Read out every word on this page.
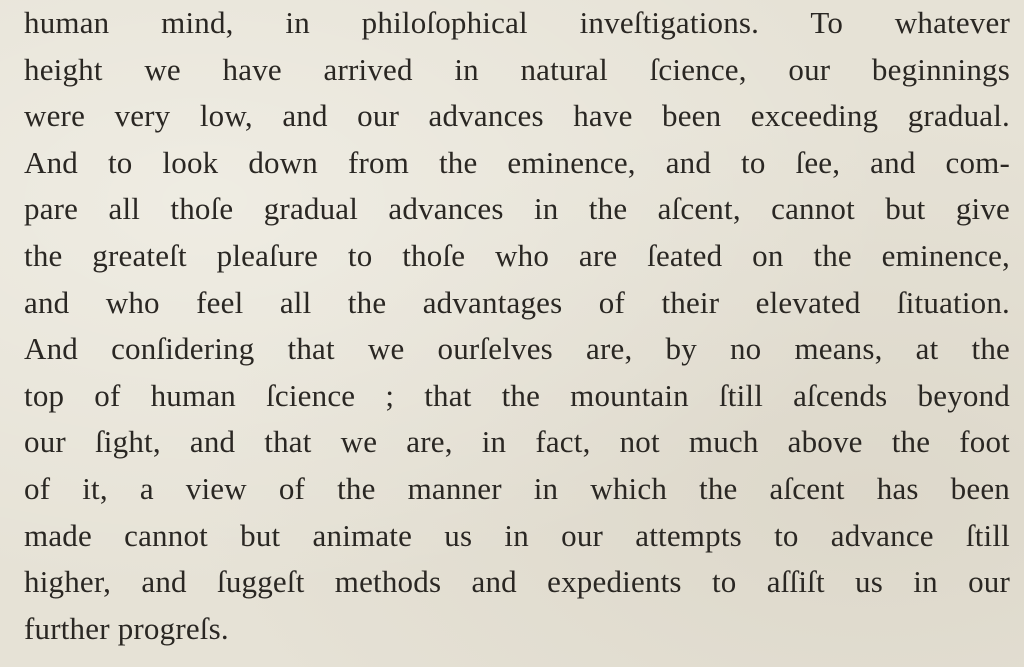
human mind, in philoſophical inveſtigations. To whatever
height we have arrived in natural ſcience, our beginnings
were very low, and our advances have been exceeding gradual.
And to look down from the eminence, and to ſee, and com-
pare all thoſe gradual advances in the aſcent, cannot but give
the greateſt pleaſure to thoſe who are ſeated on the eminence,
and who feel all the advantages of their elevated ſituation.
And conſidering that we ourſelves are, by no means, at the
top of human ſcience ; that the mountain ſtill aſcends beyond
our ſight, and that we are, in fact, not much above the foot
of it, a view of the manner in which the aſcent has been
made cannot but animate us in our attempts to advance ſtill
higher, and ſuggeſt methods and expedients to aſſiſt us in our
further progreſs.
